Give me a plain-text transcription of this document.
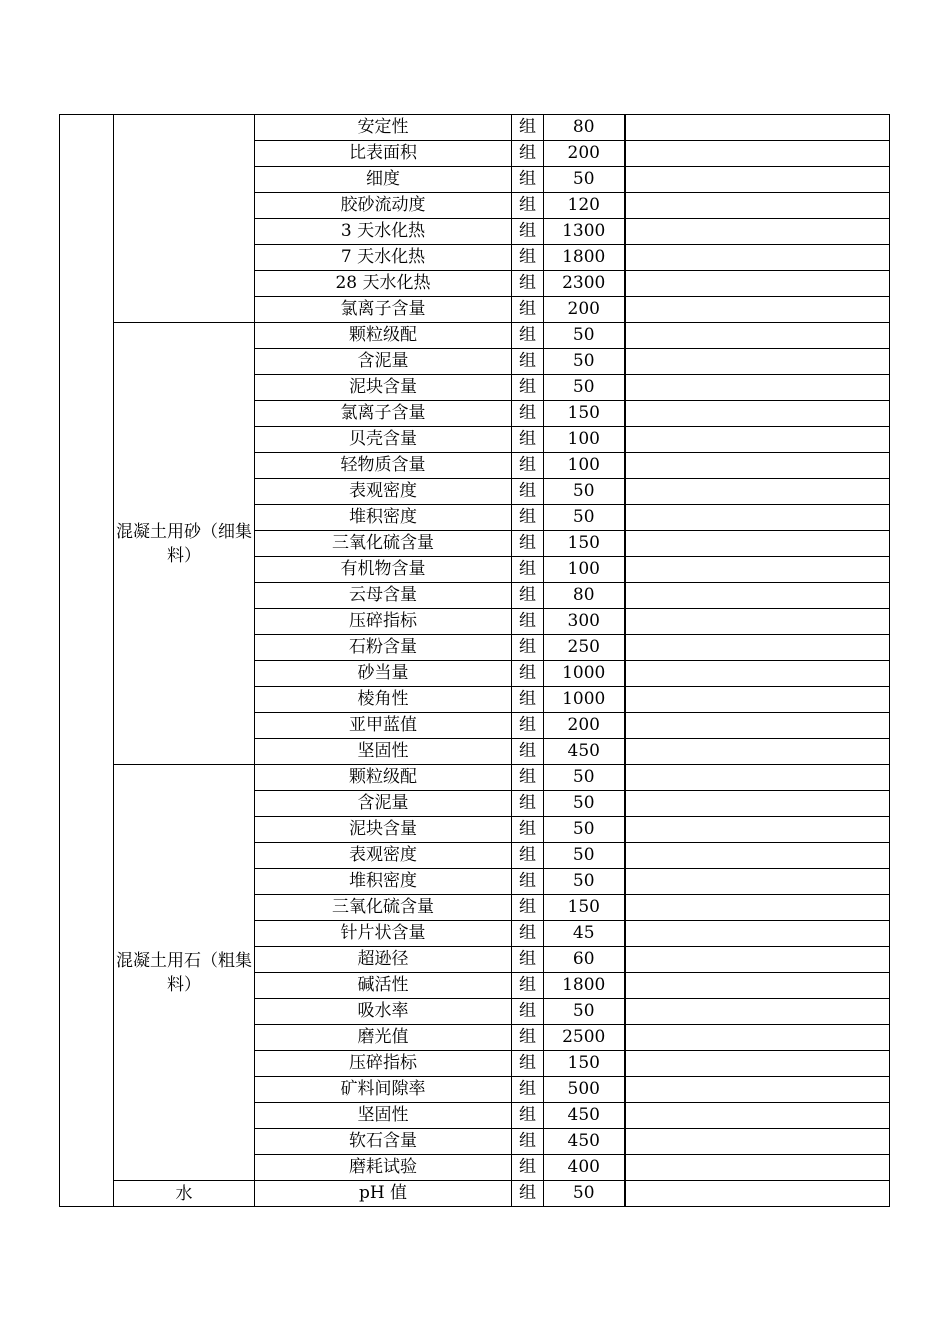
		安定性	组	80	
		比表面积	组	200	
		细度	组	50	
		胶砂流动度	组	120	
		3 天水化热	组	1300	
		7 天水化热	组	1800	
		28 天水化热	组	2300	
		氯离子含量	组	200	
	混凝土用砂（细集料）	颗粒级配	组	50	
		含泥量	组	50	
		泥块含量	组	50	
		氯离子含量	组	150	
		贝壳含量	组	100	
		轻物质含量	组	100	
		表观密度	组	50	
		堆积密度	组	50	
		三氧化硫含量	组	150	
		有机物含量	组	100	
		云母含量	组	80	
		压碎指标	组	300	
		石粉含量	组	250	
		砂当量	组	1000	
		棱角性	组	1000	
		亚甲蓝值	组	200	
		坚固性	组	450	
	混凝土用石（粗集料）	颗粒级配	组	50	
		含泥量	组	50	
		泥块含量	组	50	
		表观密度	组	50	
		堆积密度	组	50	
		三氧化硫含量	组	150	
		针片状含量	组	45	
		超逊径	组	60	
		碱活性	组	1800	
		吸水率	组	50	
		磨光值	组	2500	
		压碎指标	组	150	
		矿料间隙率	组	500	
		坚固性	组	450	
		软石含量	组	450	
		磨耗试验	组	400	
	水	pH 值	组	50	
